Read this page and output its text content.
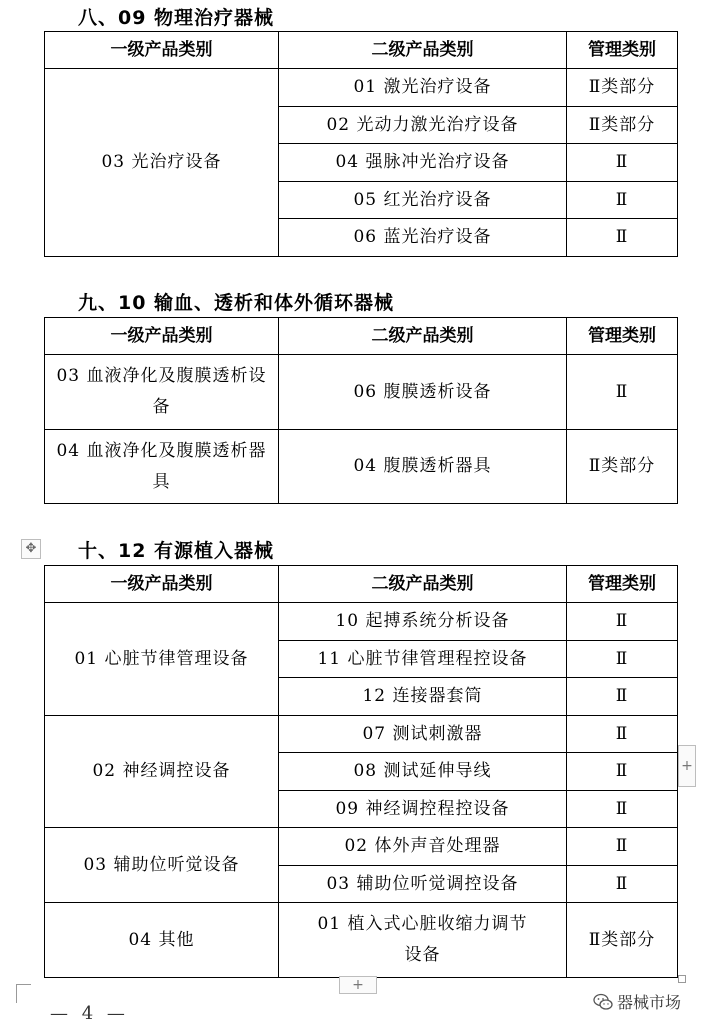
八、09 物理治疗器械
一级产品类别	二级产品类别	管理类别
03 光治疗设备	01 激光治疗设备	Ⅱ类部分
	02 光动力激光治疗设备	Ⅱ类部分
	04 强脉冲光治疗设备	Ⅱ
	05 红光治疗设备	Ⅱ
	06 蓝光治疗设备	Ⅱ
九、10 输血、透析和体外循环器械
一级产品类别	二级产品类别	管理类别
03 血液净化及腹膜透析设备	06 腹膜透析设备	Ⅱ
04 血液净化及腹膜透析器具	04 腹膜透析器具	Ⅱ类部分
✥ 十、12 有源植入器械
一级产品类别	二级产品类别	管理类别
01 心脏节律管理设备	10 起搏系统分析设备	Ⅱ
	11 心脏节律管理程控设备	Ⅱ
	12 连接器套筒	Ⅱ
02 神经调控设备	07 测试刺激器	Ⅱ
	08 测试延伸导线	Ⅱ
	09 神经调控程控设备	Ⅱ
03 辅助位听觉设备	02 体外声音处理器	Ⅱ
	03 辅助位听觉调控设备	Ⅱ
04 其他	01 植入式心脏收缩力调节设备	Ⅱ类部分
+
+
— 4 —
器械市场
